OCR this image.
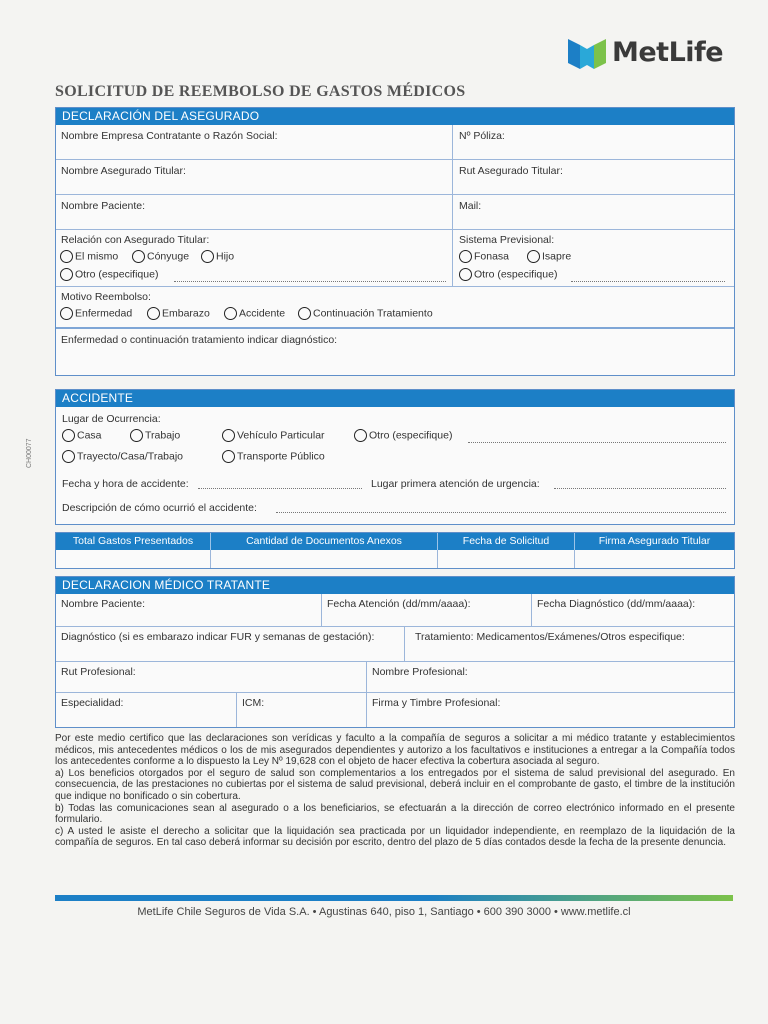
MetLife
SOLICITUD DE REEMBOLSO DE GASTOS MÉDICOS
CH00077
DECLARACIÓN DEL ASEGURADO
Nombre Empresa Contratante o Razón Social:	Nº Póliza:
Nombre Asegurado Titular:	Rut Asegurado Titular:
Nombre Paciente:	Mail:
Relación con Asegurado Titular:
El mismo	Cónyuge	Hijo
Otro (especifique)
Sistema Previsional:
Fonasa	Isapre
Otro (especifique)
Motivo Reembolso:
Enfermedad	Embarazo	Accidente	Continuación Tratamiento
Enfermedad o continuación tratamiento indicar diagnóstico:
ACCIDENTE
Lugar de Ocurrencia:
Casa	Trabajo	Vehículo Particular	Otro (especifique)
Trayecto/Casa/Trabajo	Transporte Público
Fecha y hora de accidente:	Lugar primera atención de urgencia:
Descripción de cómo ocurrió el accidente:
Total Gastos Presentados	Cantidad de Documentos Anexos	Fecha de Solicitud	Firma Asegurado Titular
DECLARACION MÉDICO TRATANTE
Nombre Paciente:	Fecha Atención (dd/mm/aaaa):	Fecha Diagnóstico (dd/mm/aaaa):
Diagnóstico (si es embarazo indicar FUR y semanas de gestación):	Tratamiento: Medicamentos/Exámenes/Otros especifique:
Rut Profesional:	Nombre Profesional:
Especialidad:	ICM:	Firma y Timbre Profesional:

Por este medio certifico que las declaraciones son verídicas y faculto a la compañía de seguros a solicitar a mi médico tratante y establecimientos médicos, mis antecedentes médicos o los de mis asegurados dependientes y autorizo a los facultativos e instituciones a entregar a la Compañía todos los antecedentes conforme a lo dispuesto la Ley Nº 19,628 con el objeto de hacer efectiva la cobertura asociada al seguro.

a) Los beneficios otorgados por el seguro de salud son complementarios a los entregados por el sistema de salud previsional del asegurado. En consecuencia, de las prestaciones no cubiertas por el sistema de salud previsional, deberá incluir en el comprobante de gasto, el timbre de la institución que indique no bonificado o sin cobertura.

b) Todas las comunicaciones sean al asegurado o a los beneficiarios, se efectuarán a la dirección de correo electrónico informado en el presente formulario.

c) A usted le asiste el derecho a solicitar que la liquidación sea practicada por un liquidador independiente, en reemplazo de la liquidación de la compañía de seguros. En tal caso deberá informar su decisión por escrito, dentro del plazo de 5 días contados desde la fecha de la presente denuncia.

MetLife Chile Seguros de Vida S.A. • Agustinas 640, piso 1, Santiago • 600 390 3000 • www.metlife.cl
